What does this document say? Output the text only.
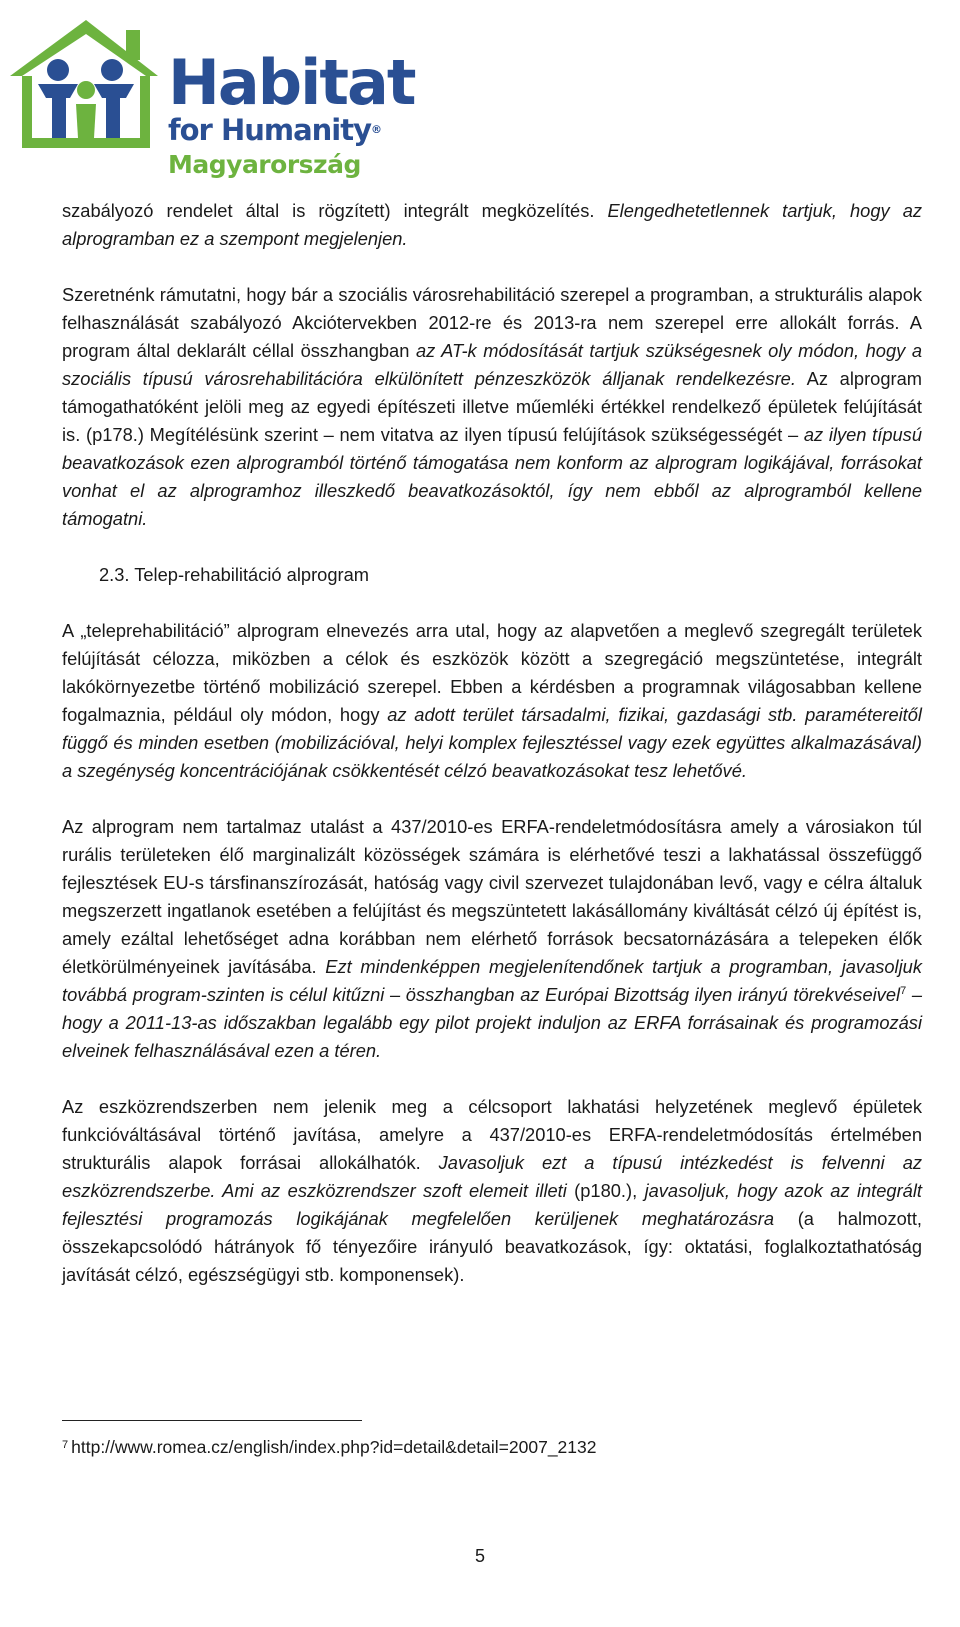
Habitat
for Humanity®
Magyarország

szabályozó rendelet által is rögzített) integrált megközelítés. Elengedhetetlennek tartjuk, hogy az alprogramban ez a szempont megjelenjen.

Szeretnénk rámutatni, hogy bár a szociális városrehabilitáció szerepel a programban, a strukturális alapok felhasználását szabályozó Akciótervekben 2012-re és 2013-ra nem szerepel erre allokált forrás. A program által deklarált céllal összhangban az AT-k módosítását tartjuk szükségesnek oly módon, hogy a szociális típusú városrehabilitációra elkülönített pénzeszközök álljanak rendelkezésre. Az alprogram támogathatóként jelöli meg az egyedi építészeti illetve műemléki értékkel rendelkező épületek felújítását is. (p178.) Megítélésünk szerint – nem vitatva az ilyen típusú felújítások szükségességét – az ilyen típusú beavatkozások ezen alprogramból történő támogatása nem konform az alprogram logikájával, forrásokat vonhat el az alprogramhoz illeszkedő beavatkozásoktól, így nem ebből az alprogramból kellene támogatni.

2.3. Telep-rehabilitáció alprogram

A „teleprehabilitáció” alprogram elnevezés arra utal, hogy az alapvetően a meglevő szegregált területek felújítását célozza, miközben a célok és eszközök között a szegregáció megszüntetése, integrált lakókörnyezetbe történő mobilizáció szerepel. Ebben a kérdésben a programnak világosabban kellene fogalmaznia, például oly módon, hogy az adott terület társadalmi, fizikai, gazdasági stb. paramétereitől függő és minden esetben (mobilizációval, helyi komplex fejlesztéssel vagy ezek együttes alkalmazásával) a szegénység koncentrációjának csökkentését célzó beavatkozásokat tesz lehetővé.

Az alprogram nem tartalmaz utalást a 437/2010-es ERFA-rendeletmódosításra amely a városiakon túl rurális területeken élő marginalizált közösségek számára is elérhetővé teszi a lakhatással összefüggő fejlesztések EU-s társfinanszírozását, hatóság vagy civil szervezet tulajdonában levő, vagy e célra általuk megszerzett ingatlanok esetében a felújítást és megszüntetett lakásállomány kiváltását célzó új építést is, amely ezáltal lehetőséget adna korábban nem elérhető források becsatornázására a telepeken élők életkörülményeinek javításába. Ezt mindenképpen megjelenítendőnek tartjuk a programban, javasoljuk továbbá program-szinten is célul kitűzni – összhangban az Európai Bizottság ilyen irányú törekvéseivel$^7$ – hogy a 2011-13-as időszakban legalább egy pilot projekt induljon az ERFA forrásainak és programozási elveinek felhasználásával ezen a téren.

Az eszközrendszerben nem jelenik meg a célcsoport lakhatási helyzetének meglevő épületek funkcióváltásával történő javítása, amelyre a 437/2010-es ERFA-rendeletmódosítás értelmében strukturális alapok forrásai allokálhatók. Javasoljuk ezt a típusú intézkedést is felvenni az eszközrendszerbe. Ami az eszközrendszer szoft elemeit illeti (p180.), javasoljuk, hogy azok az integrált fejlesztési programozás logikájának megfelelően kerüljenek meghatározásra (a halmozott, összekapcsolódó hátrányok fő tényezőire irányuló beavatkozások, így: oktatási, foglalkoztathatóság javítását célzó, egészségügyi stb. komponensek).

$^7$ http://www.romea.cz/english/index.php?id=detail&detail=2007_2132
5
